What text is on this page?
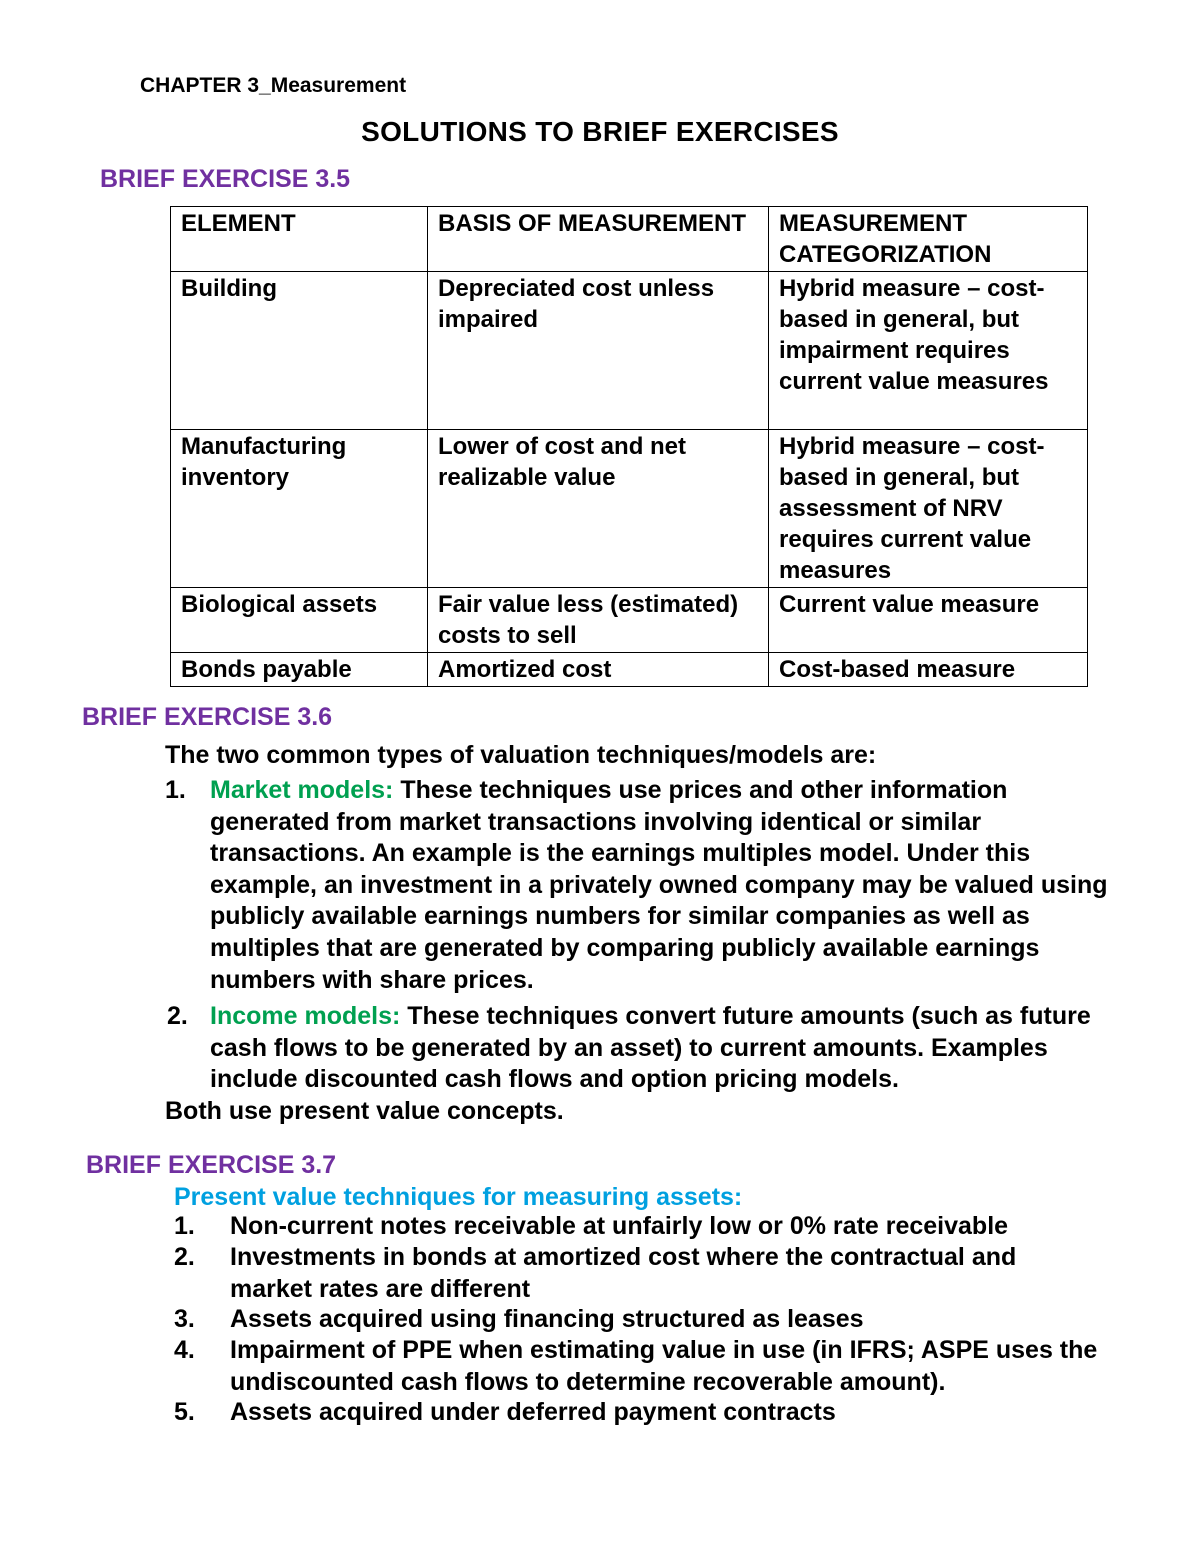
CHAPTER 3_Measurement
SOLUTIONS TO BRIEF EXERCISES
BRIEF EXERCISE 3.5
ELEMENT	BASIS OF MEASUREMENT	MEASUREMENT CATEGORIZATION
Building	Depreciated cost unless impaired	Hybrid measure – cost-based in general, but impairment requires current value measures
Manufacturing inventory	Lower of cost and net realizable value	Hybrid measure – cost-based in general, but assessment of NRV requires current value measures
Biological assets	Fair value less (estimated) costs to sell	Current value measure
Bonds payable	Amortized cost	Cost-based measure
BRIEF EXERCISE 3.6
The two common types of valuation techniques/models are:
1. Market models: These techniques use prices and other information generated from market transactions involving identical or similar transactions. An example is the earnings multiples model. Under this example, an investment in a privately owned company may be valued using publicly available earnings numbers for similar companies as well as multiples that are generated by comparing publicly available earnings numbers with share prices.
2. Income models: These techniques convert future amounts (such as future cash flows to be generated by an asset) to current amounts. Examples include discounted cash flows and option pricing models.
Both use present value concepts.
BRIEF EXERCISE 3.7
Present value techniques for measuring assets:
1. Non-current notes receivable at unfairly low or 0% rate receivable
2. Investments in bonds at amortized cost where the contractual and market rates are different
3. Assets acquired using financing structured as leases
4. Impairment of PPE when estimating value in use (in IFRS; ASPE uses the undiscounted cash flows to determine recoverable amount).
5. Assets acquired under deferred payment contracts
